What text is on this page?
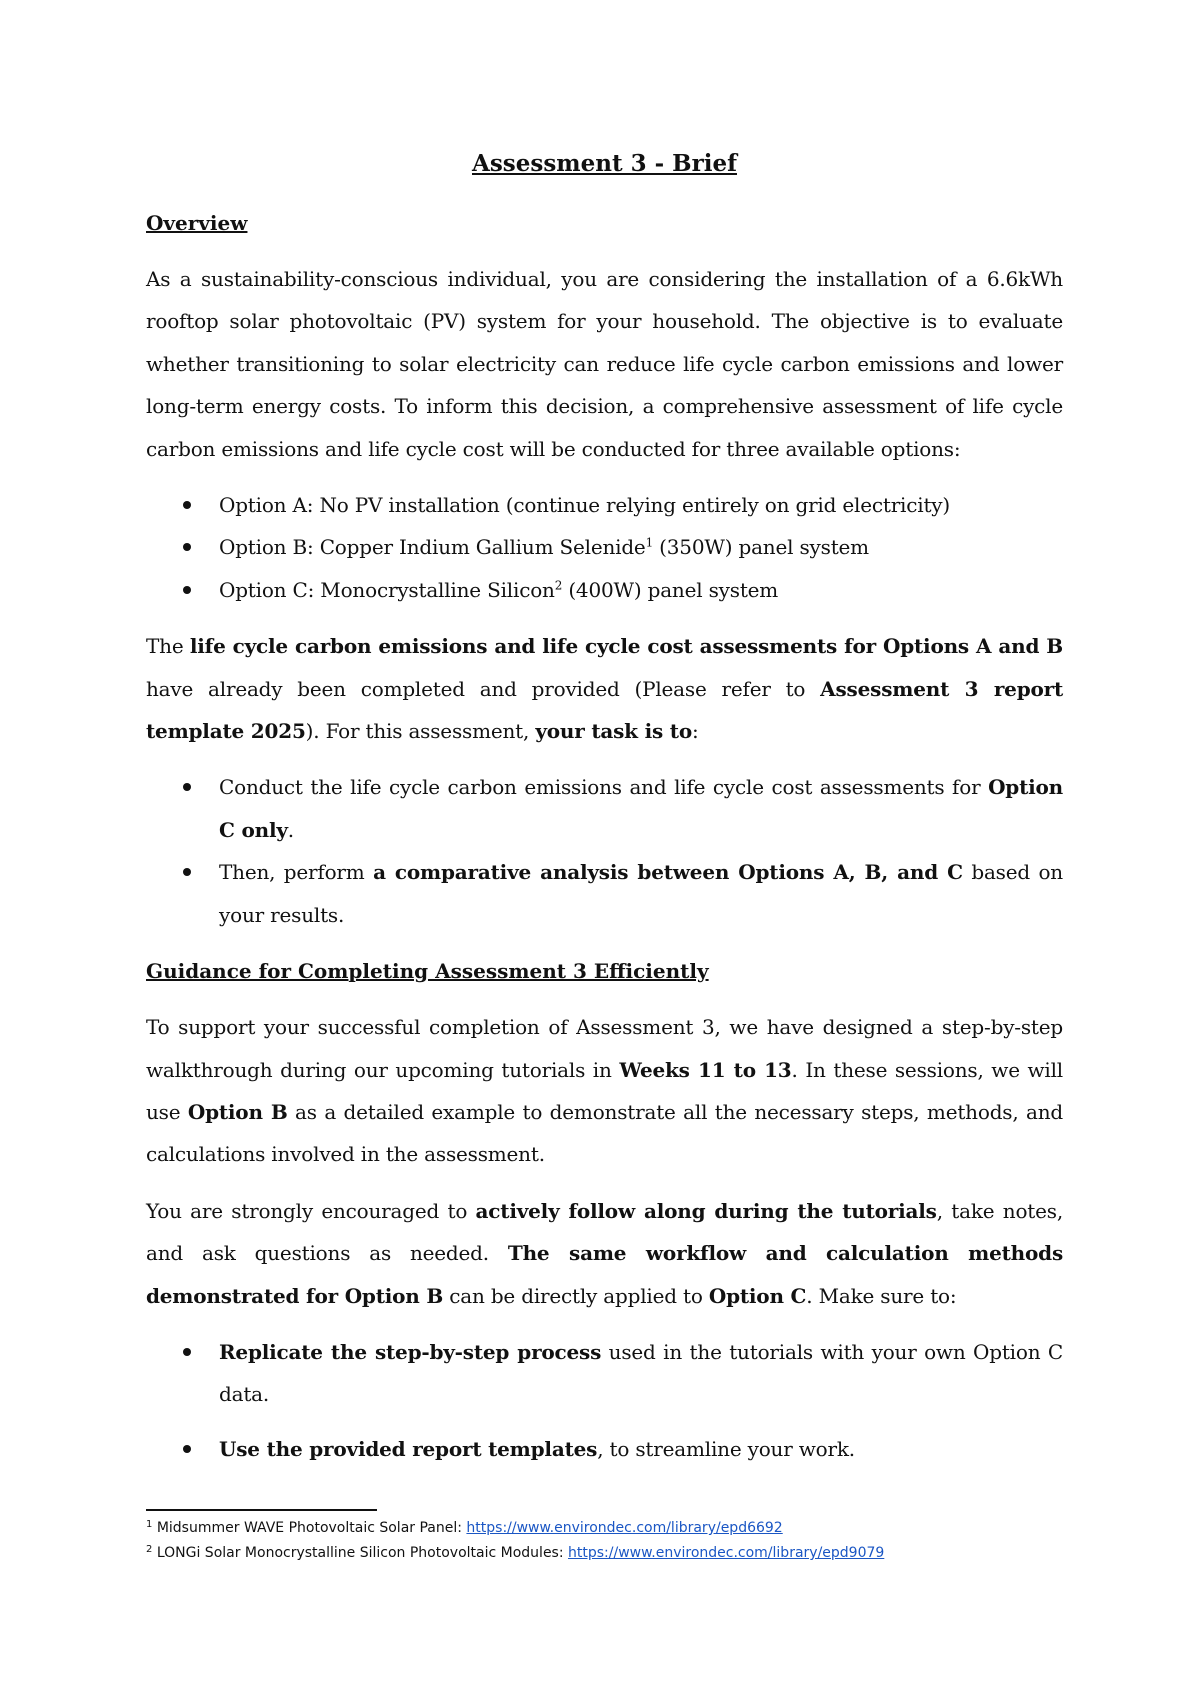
Assessment 3 - Brief
Overview

As a sustainability-conscious individual, you are considering the installation of a 6.6kWh rooftop solar photovoltaic (PV) system for your household. The objective is to evaluate whether transitioning to solar electricity can reduce life cycle carbon emissions and lower long-term energy costs. To inform this decision, a comprehensive assessment of life cycle carbon emissions and life cycle cost will be conducted for three available options:

Option A: No PV installation (continue relying entirely on grid electricity)
Option B: Copper Indium Gallium Selenide$^1$ (350W) panel system
Option C: Monocrystalline Silicon$^2$ (400W) panel system

The life cycle carbon emissions and life cycle cost assessments for Options A and B have already been completed and provided (Please refer to Assessment 3 report template 2025). For this assessment, your task is to:

Conduct the life cycle carbon emissions and life cycle cost assessments for Option C only.
Then, perform a comparative analysis between Options A, B, and C based on your results.
Guidance for Completing Assessment 3 Efficiently

To support your successful completion of Assessment 3, we have designed a step-by-step walkthrough during our upcoming tutorials in Weeks 11 to 13. In these sessions, we will use Option B as a detailed example to demonstrate all the necessary steps, methods, and calculations involved in the assessment.

You are strongly encouraged to actively follow along during the tutorials, take notes, and ask questions as needed. The same workflow and calculation methods demonstrated for Option B can be directly applied to Option C. Make sure to:

Replicate the step-by-step process used in the tutorials with your own Option C data.
Use the provided report templates, to streamline your work.
$^1$ Midsummer WAVE Photovoltaic Solar Panel: https://www.environdec.com/library/epd6692
$^2$ LONGi Solar Monocrystalline Silicon Photovoltaic Modules: https://www.environdec.com/library/epd9079
